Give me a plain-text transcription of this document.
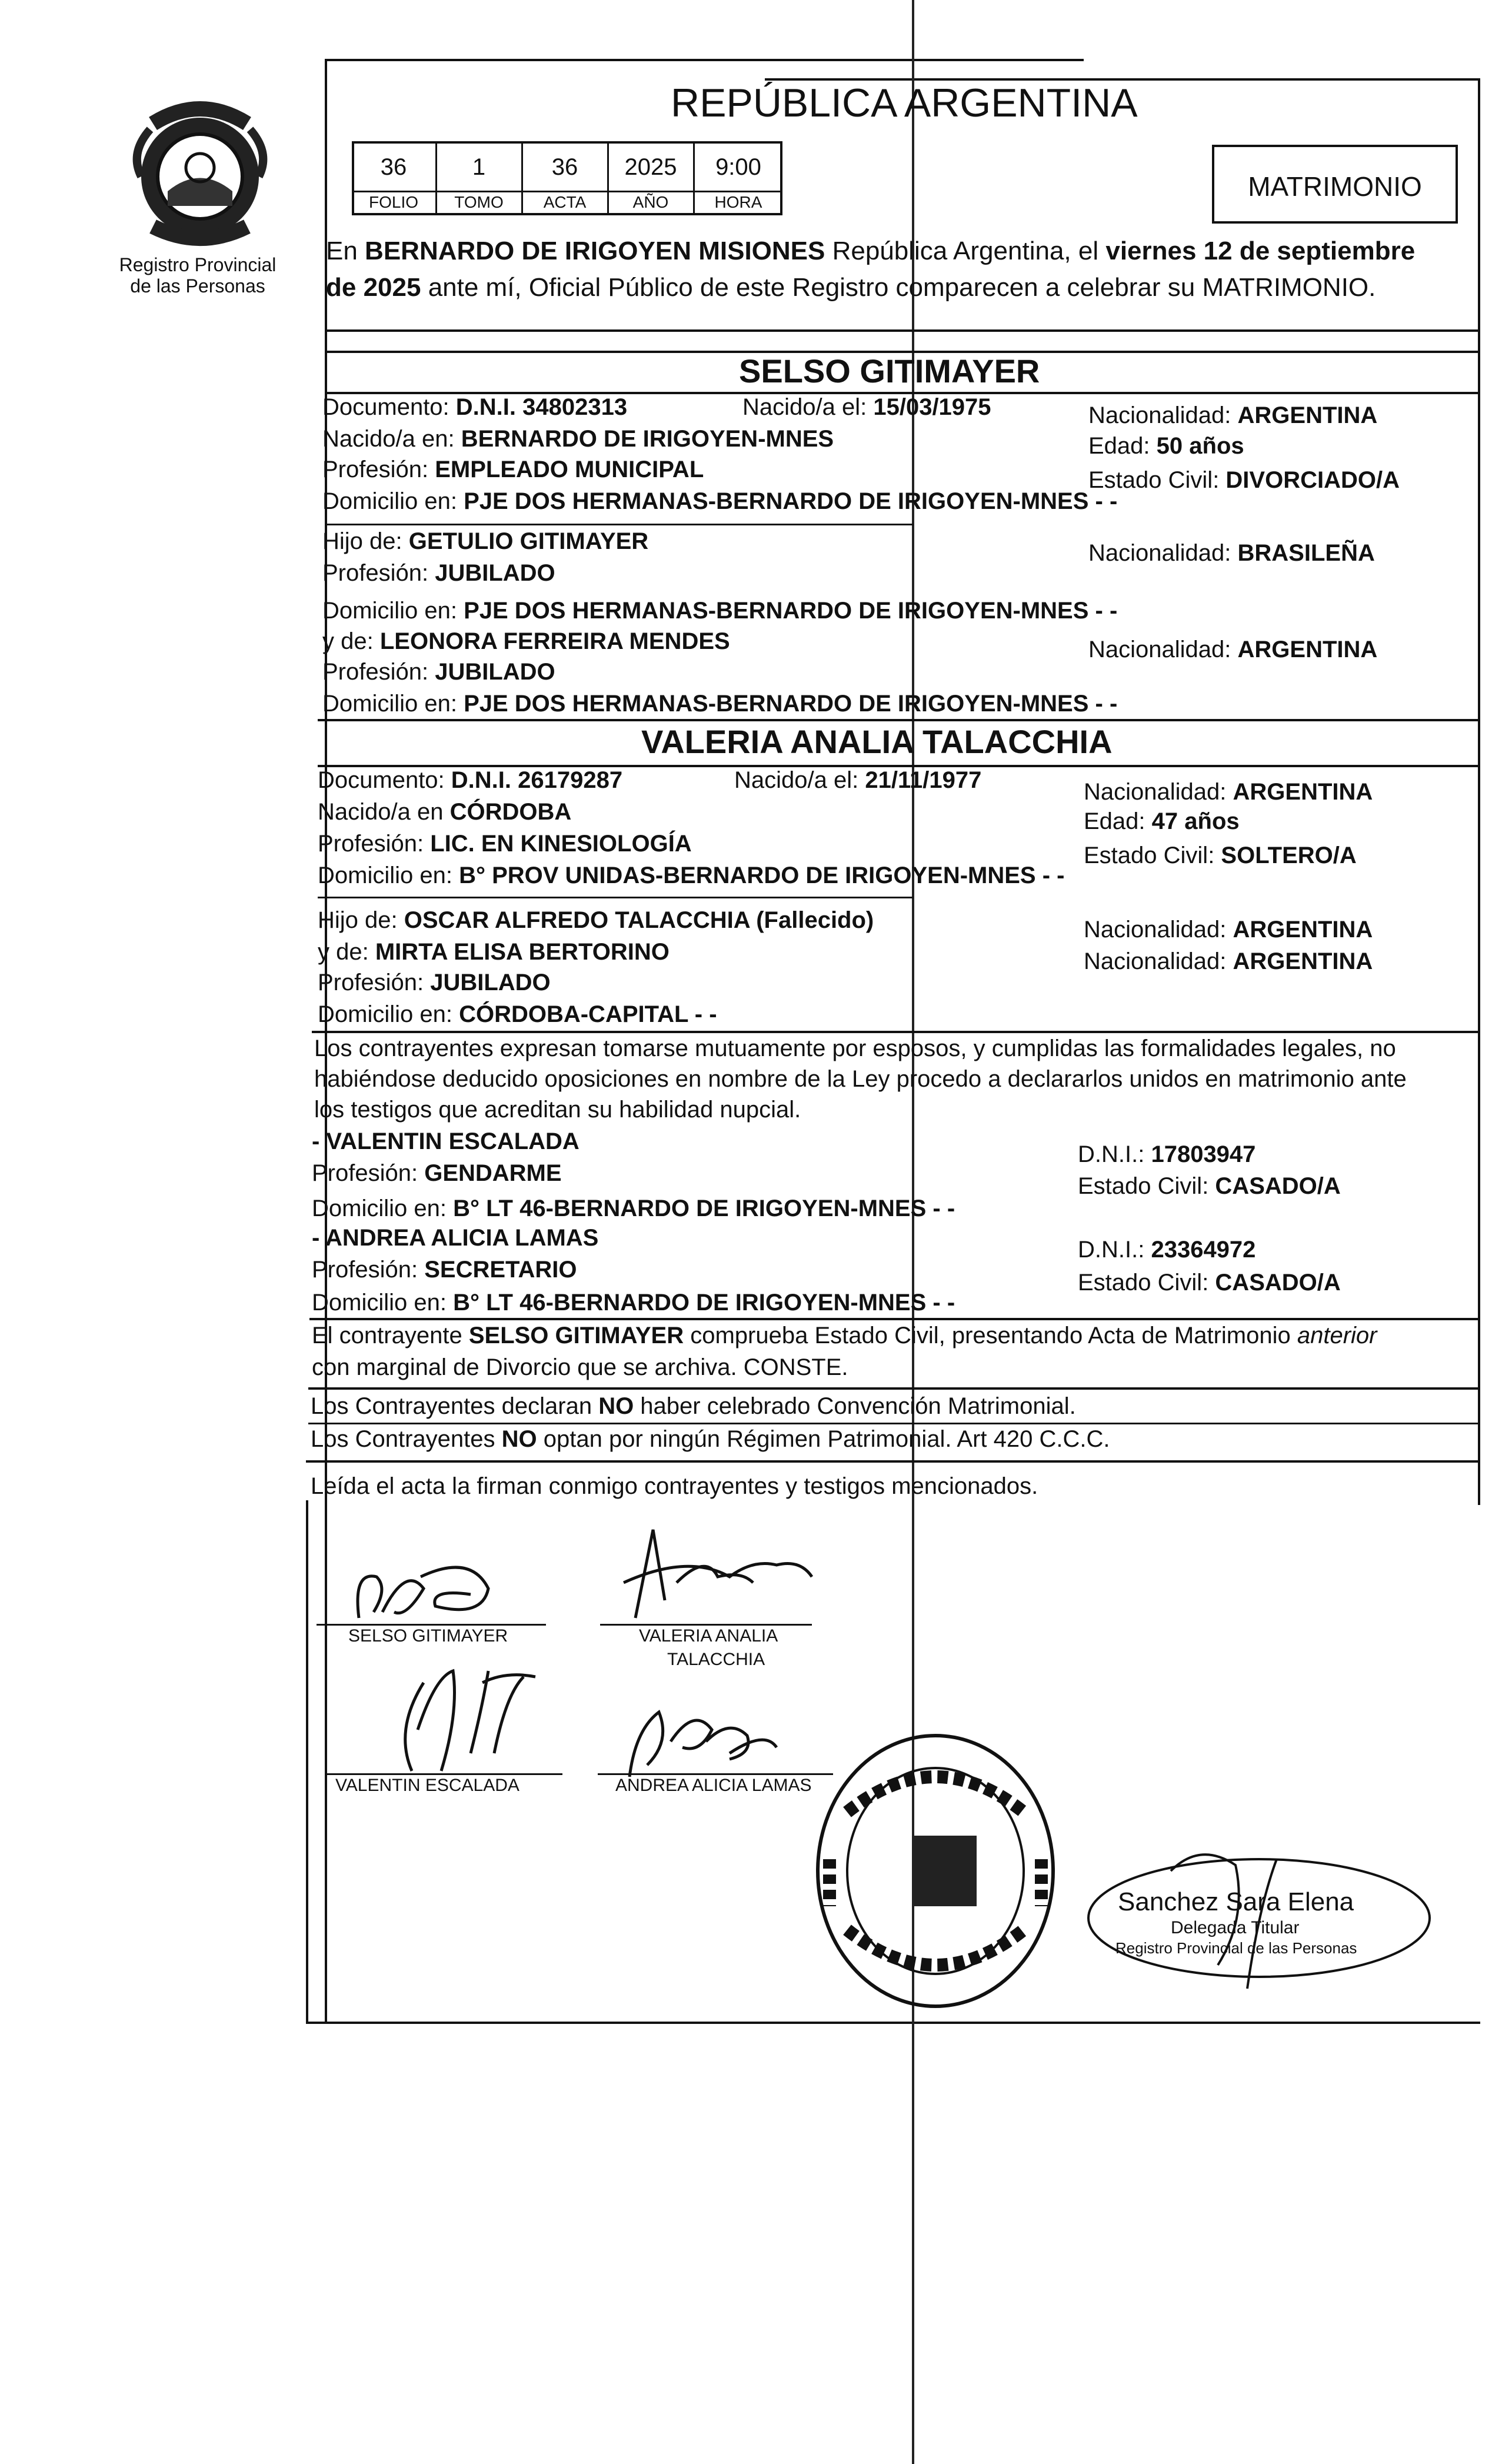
Registro Provincial
de las Personas
REPÚBLICA ARGENTINA
36	1	36	2025	9:00
FOLIO	TOMO	ACTA	AÑO	HORA
MATRIMONIO
En BERNARDO DE IRIGOYEN MISIONES República Argentina, el viernes 12 de septiembre
de 2025 ante mí, Oficial Público de este Registro comparecen a celebrar su MATRIMONIO.
SELSO GITIMAYER
Documento: D.N.I. 34802313	Nacido/a el: 15/03/1975	Nacionalidad: ARGENTINA
Nacido/a en: BERNARDO DE IRIGOYEN-MNES	Edad: 50 años
Profesión: EMPLEADO MUNICIPAL	Estado Civil: DIVORCIADO/A
Domicilio en: PJE DOS HERMANAS-BERNARDO DE IRIGOYEN-MNES - -
Hijo de: GETULIO GITIMAYER	Nacionalidad: BRASILEÑA
Profesión: JUBILADO
Domicilio en: PJE DOS HERMANAS-BERNARDO DE IRIGOYEN-MNES - -
y de: LEONORA FERREIRA MENDES	Nacionalidad: ARGENTINA
Profesión: JUBILADO
Domicilio en: PJE DOS HERMANAS-BERNARDO DE IRIGOYEN-MNES - -
VALERIA ANALIA TALACCHIA
Documento: D.N.I. 26179287	Nacido/a el: 21/11/1977	Nacionalidad: ARGENTINA
Nacido/a en CÓRDOBA	Edad: 47 años
Profesión: LIC. EN KINESIOLOGÍA	Estado Civil: SOLTERO/A
Domicilio en: B° PROV UNIDAS-BERNARDO DE IRIGOYEN-MNES - -
Hijo de: OSCAR ALFREDO TALACCHIA (Fallecido)	Nacionalidad: ARGENTINA
y de: MIRTA ELISA BERTORINO	Nacionalidad: ARGENTINA
Profesión: JUBILADO
Domicilio en: CÓRDOBA-CAPITAL - -
Los contrayentes expresan tomarse mutuamente por esposos, y cumplidas las formalidades legales, no
habiéndose deducido oposiciones en nombre de la Ley procedo a declararlos unidos en matrimonio ante
los testigos que acreditan su habilidad nupcial.
- VALENTIN ESCALADA	D.N.I.: 17803947
Profesión: GENDARME	Estado Civil: CASADO/A
Domicilio en: B° LT 46-BERNARDO DE IRIGOYEN-MNES - -
- ANDREA ALICIA LAMAS	D.N.I.: 23364972
Profesión: SECRETARIO	Estado Civil: CASADO/A
Domicilio en: B° LT 46-BERNARDO DE IRIGOYEN-MNES - -
El contrayente SELSO GITIMAYER comprueba Estado Civil, presentando Acta de Matrimonio anterior
con marginal de Divorcio que se archiva. CONSTE.
Los Contrayentes declaran NO haber celebrado Convención Matrimonial.
Los Contrayentes NO optan por ningún Régimen Patrimonial. Art 420 C.C.C.
Leída el acta la firman conmigo contrayentes y testigos mencionados.
SELSO GITIMAYER	VALERIA ANALIA
TALACCHIA
VALENTIN ESCALADA	ANDREA ALICIA LAMAS
Sanchez Sara Elena
Delegada Titular
Registro Provincial de las Personas
